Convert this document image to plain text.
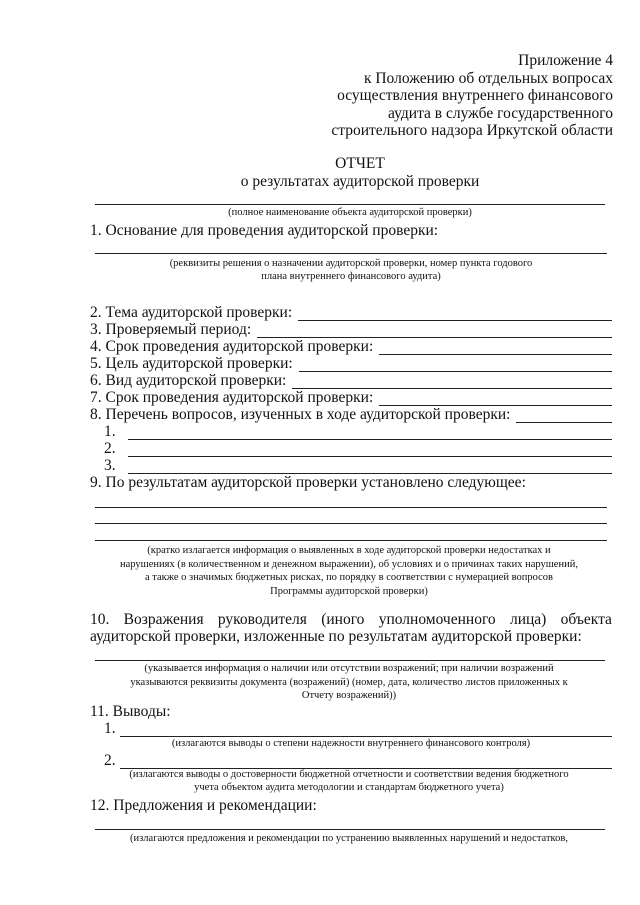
Приложение 4
к Положению об отдельных вопросах
осуществления внутреннего финансового
аудита в службе государственного
строительного надзора Иркутской области
ОТЧЕТ
о результатах аудиторской проверки
(полное наименование объекта аудиторской проверки)
1. Основание для проведения аудиторской проверки:
(реквизиты решения о назначении аудиторской проверки, номер пункта годового
плана внутреннего финансового аудита)
2. Тема аудиторской проверки:
3. Проверяемый период:
4. Срок проведения аудиторской проверки:
5. Цель аудиторской проверки:
6. Вид аудиторской проверки:
7. Срок проведения аудиторской проверки:
8. Перечень вопросов, изученных в ходе аудиторской проверки:
1.
2.
3.
9. По результатам аудиторской проверки установлено следующее:
(кратко излагается информация о выявленных в ходе аудиторской проверки недостатках и
нарушениях (в количественном и денежном выражении), об условиях и о причинах таких нарушений,
а также о значимых бюджетных рисках, по порядку в соответствии с нумерацией вопросов
Программы аудиторской проверки)
10. Возражения руководителя (иного уполномоченного лица) объекта
аудиторской проверки, изложенные по результатам аудиторской проверки:
(указывается информация о наличии или отсутствии возражений; при наличии возражений
указываются реквизиты документа (возражений) (номер, дата, количество листов приложенных к
Отчету возражений))
11. Выводы:
1.
(излагаются выводы о степени надежности внутреннего финансового контроля)
2.
(излагаются выводы о достоверности бюджетной отчетности и соответствии ведения бюджетного
учета объектом аудита методологии и стандартам бюджетного учета)
12. Предложения и рекомендации:
(излагаются предложения и рекомендации по устранению выявленных нарушений и недостатков,
